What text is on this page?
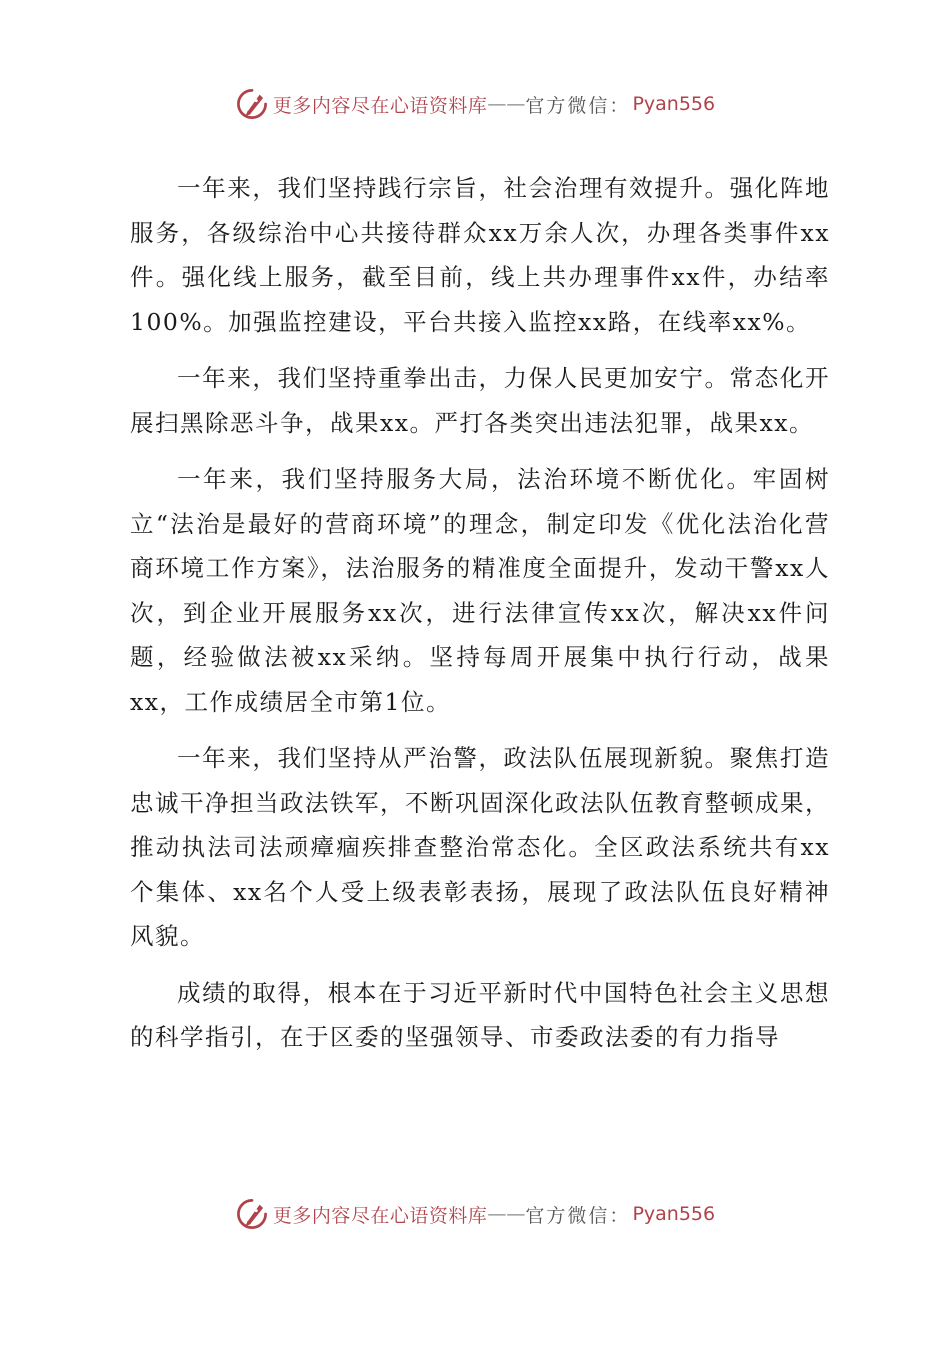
更多内容尽在心语资料库 —— 官方微信： Pyan556

一年来，我们坚持践行宗旨，社会治理有效提升。强化阵地服务，各级综治中心共接待群众xx万余人次，办理各类事件xx件。强化线上服务，截至目前，线上共办理事件xx件，办结率100%。加强监控建设，平台共接入监控xx路，在线率xx%。

一年来，我们坚持重拳出击，力保人民更加安宁。常态化开展扫黑除恶斗争，战果xx。严打各类突出违法犯罪，战果xx。

一年来，我们坚持服务大局，法治环境不断优化。牢固树立“法治是最好的营商环境”的理念，制定印发《优化法治化营商环境工作方案》，法治服务的精准度全面提升，发动干警xx人次，到企业开展服务xx次，进行法律宣传xx次，解决xx件问题，经验做法被xx采纳。坚持每周开展集中执行行动，战果xx，工作成绩居全市第1位。

一年来，我们坚持从严治警，政法队伍展现新貌。聚焦打造忠诚干净担当政法铁军，不断巩固深化政法队伍教育整顿成果，推动执法司法顽瘴痼疾排查整治常态化。全区政法系统共有xx个集体、xx名个人受上级表彰表扬，展现了政法队伍良好精神风貌。

成绩的取得，根本在于习近平新时代中国特色社会主义思想的科学指引，在于区委的坚强领导、市委政法委的有力指导

更多内容尽在心语资料库 —— 官方微信： Pyan556
